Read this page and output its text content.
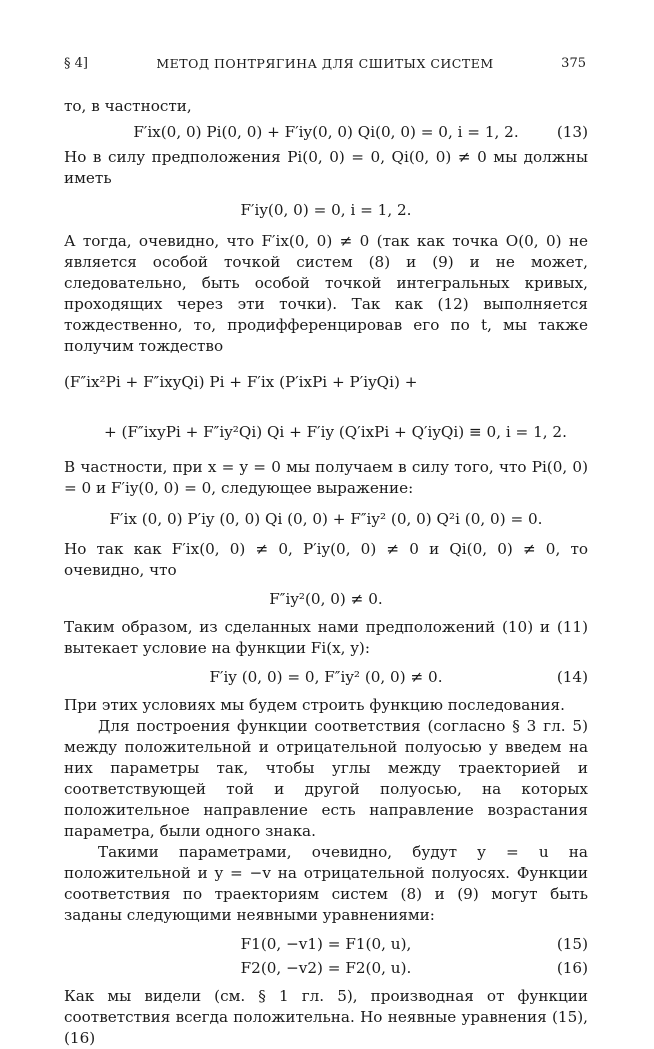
§ 4]	МЕТОД ПОНТРЯГИНА ДЛЯ СШИТЫХ СИСТЕМ	375

то, в частности,

F′ix(0, 0) Pi(0, 0) + F′iy(0, 0) Qi(0, 0) = 0, i = 1, 2.	(13)

Но в силу предположения Pi(0, 0) = 0, Qi(0, 0) ≠ 0 мы должны иметь

F′iy(0, 0) = 0, i = 1, 2.

А тогда, очевидно, что F′ix(0, 0) ≠ 0 (так как точка O(0, 0) не является особой точкой систем (8) и (9) и не может, следовательно, быть особой точкой интегральных кривых, проходящих через эти точки). Так как (12) выполняется тождественно, то, продифференцировав его по t, мы также получим тождество

(F″ix²Pi + F″ixyQi) Pi + F′ix (P′ixPi + P′iyQi) +
+ (F″ixyPi + F″iy²Qi) Qi + F′iy (Q′ixPi + Q′iyQi) ≡ 0, i = 1, 2.

В частности, при x = y = 0 мы получаем в силу того, что Pi(0, 0) = 0 и F′iy(0, 0) = 0, следующее выражение:

F′ix (0, 0) P′iy (0, 0) Qi (0, 0) + F″iy² (0, 0) Q²i (0, 0) = 0.

Но так как F′ix(0, 0) ≠ 0, P′iy(0, 0) ≠ 0 и Qi(0, 0) ≠ 0, то очевидно, что

F″iy²(0, 0) ≠ 0.

Таким образом, из сделанных нами предположений (10) и (11) вытекает условие на функции Fi(x, y):

F′iy (0, 0) = 0, F″iy² (0, 0) ≠ 0.	(14)

При этих условиях мы будем строить функцию последования.

Для построения функции соответствия (согласно § 3 гл. 5) между положительной и отрицательной полуосью y введем на них параметры так, чтобы углы между траекторией и соответствующей той и другой полуосью, на которых положительное направление есть направление возрастания параметра, были одного знака.

Такими параметрами, очевидно, будут y = u на положительной и y = −v на отрицательной полуосях. Функции соответствия по траекториям систем (8) и (9) могут быть заданы следующими неявными уравнениями:

F1(0, −v1) = F1(0, u),	(15)
F2(0, −v2) = F2(0, u).	(16)

Как мы видели (см. § 1 гл. 5), производная от функции соответствия всегда положительна. Но неявные уравнения (15), (16)
